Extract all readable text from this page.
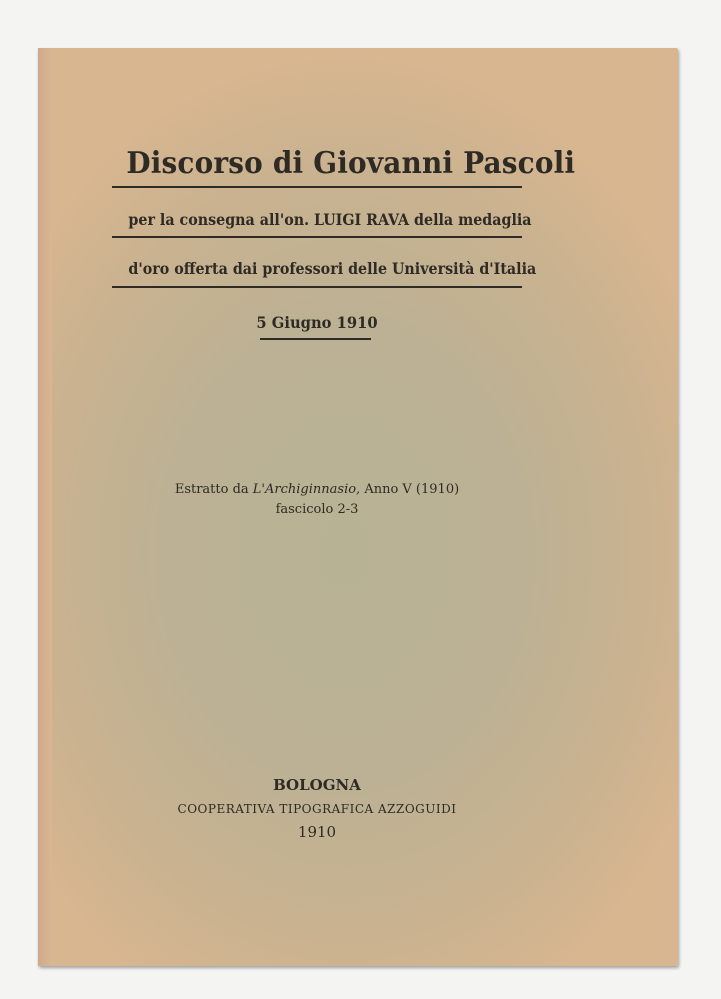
Discorso di Giovanni Pascoli
per la consegna all'on. LUIGI RAVA della medaglia
d'oro offerta dai professori delle Università d'Italia
5 Giugno 1910
Estratto da L'Archiginnasio, Anno V (1910)
fascicolo 2-3
BOLOGNA
COOPERATIVA TIPOGRAFICA AZZOGUIDI
1910
